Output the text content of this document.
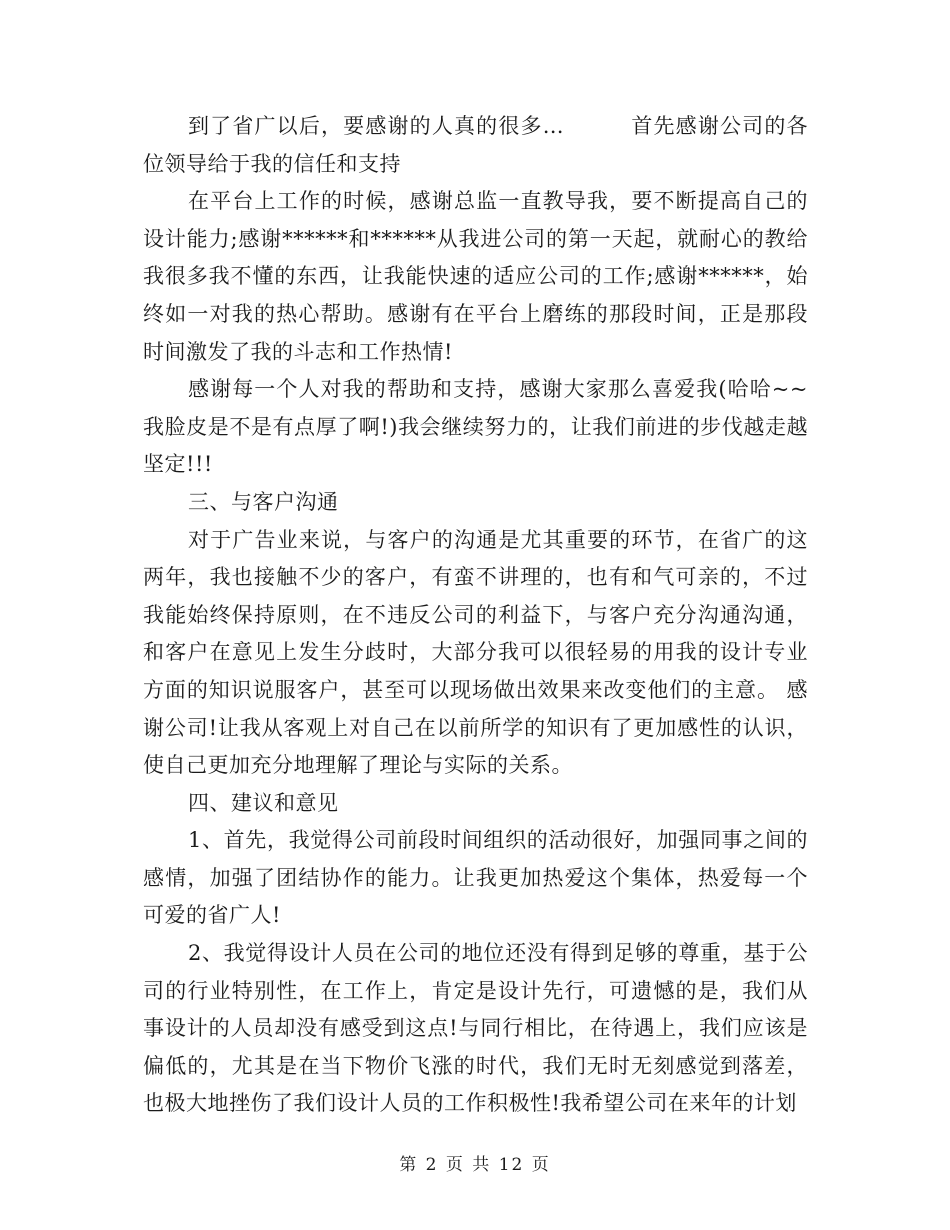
到了省广以后，要感谢的人真的很多…　　　首先感谢公司的各位领导给于我的信任和支持

在平台上工作的时候，感谢总监一直教导我，要不断提高自己的设计能力;感谢******和******从我进公司的第一天起，就耐心的教给我很多我不懂的东西，让我能快速的适应公司的工作;感谢******，始终如一对我的热心帮助。感谢有在平台上磨练的那段时间，正是那段时间激发了我的斗志和工作热情!

感谢每一个人对我的帮助和支持，感谢大家那么喜爱我(哈哈~~我脸皮是不是有点厚了啊!)我会继续努力的，让我们前进的步伐越走越坚定!!!

三、与客户沟通

对于广告业来说，与客户的沟通是尤其重要的环节，在省广的这两年，我也接触不少的客户，有蛮不讲理的，也有和气可亲的，不过我能始终保持原则，在不违反公司的利益下，与客户充分沟通沟通，和客户在意见上发生分歧时，大部分我可以很轻易的用我的设计专业方面的知识说服客户，甚至可以现场做出效果来改变他们的主意。 感谢公司!让我从客观上对自己在以前所学的知识有了更加感性的认识，使自己更加充分地理解了理论与实际的关系。

四、建议和意见

1、首先，我觉得公司前段时间组织的活动很好，加强同事之间的感情，加强了团结协作的能力。让我更加热爱这个集体，热爱每一个可爱的省广人!

2、我觉得设计人员在公司的地位还没有得到足够的尊重，基于公司的行业特别性，在工作上，肯定是设计先行，可遗憾的是，我们从事设计的人员却没有感受到这点!与同行相比，在待遇上，我们应该是偏低的，尤其是在当下物价飞涨的时代，我们无时无刻感觉到落差，也极大地挫伤了我们设计人员的工作积极性!我希望公司在来年的计划

第 2 页 共 12 页
